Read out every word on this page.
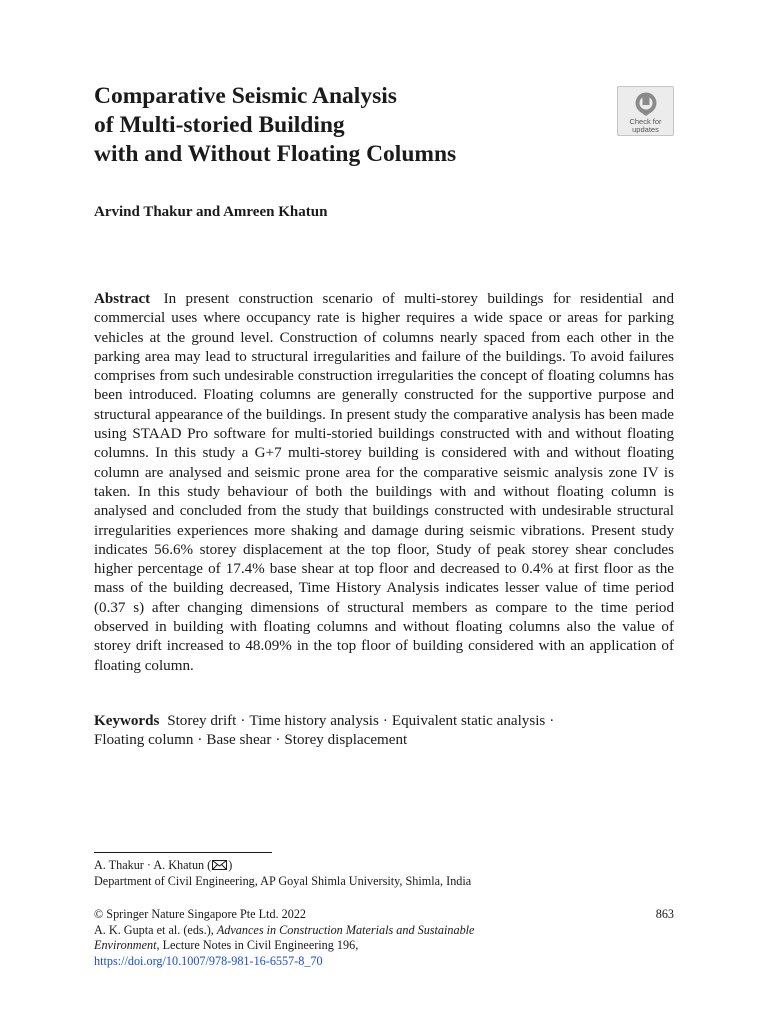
Comparative Seismic Analysis
of Multi-storied Building
with and Without Floating Columns
Check for
updates
Arvind Thakur and Amreen Khatun
Abstract In present construction scenario of multi-storey buildings for residential and commercial uses where occupancy rate is higher requires a wide space or areas for parking vehicles at the ground level. Construction of columns nearly spaced from each other in the parking area may lead to structural irregularities and failure of the buildings. To avoid failures comprises from such undesirable construction irregularities the concept of floating columns has been introduced. Floating columns are generally constructed for the supportive purpose and structural appearance of the buildings. In present study the comparative analysis has been made using STAAD Pro software for multi-storied buildings constructed with and without floating columns. In this study a G+7 multi-storey building is considered with and without floating column are analysed and seismic prone area for the comparative seismic analysis zone IV is taken. In this study behaviour of both the buildings with and without floating column is analysed and concluded from the study that buildings constructed with undesirable structural irregularities experiences more shaking and damage during seismic vibrations. Present study indicates 56.6% storey displacement at the top floor, Study of peak storey shear concludes higher percentage of 17.4% base shear at top floor and decreased to 0.4% at first floor as the mass of the building decreased, Time History Analysis indicates lesser value of time period (0.37 s) after changing dimensions of structural members as compare to the time period observed in building with floating columns and without floating columns also the value of storey drift increased to 48.09% in the top floor of building considered with an application of floating column.
Keywords Storey drift · Time history analysis · Equivalent static analysis ·
Floating column · Base shear · Storey displacement
A. Thakur · A. Khatun ( )
Department of Civil Engineering, AP Goyal Shimla University, Shimla, India
© Springer Nature Singapore Pte Ltd. 2022
A. K. Gupta et al. (eds.), Advances in Construction Materials and Sustainable
Environment, Lecture Notes in Civil Engineering 196,
https://doi.org/10.1007/978-981-16-6557-8_70
863
